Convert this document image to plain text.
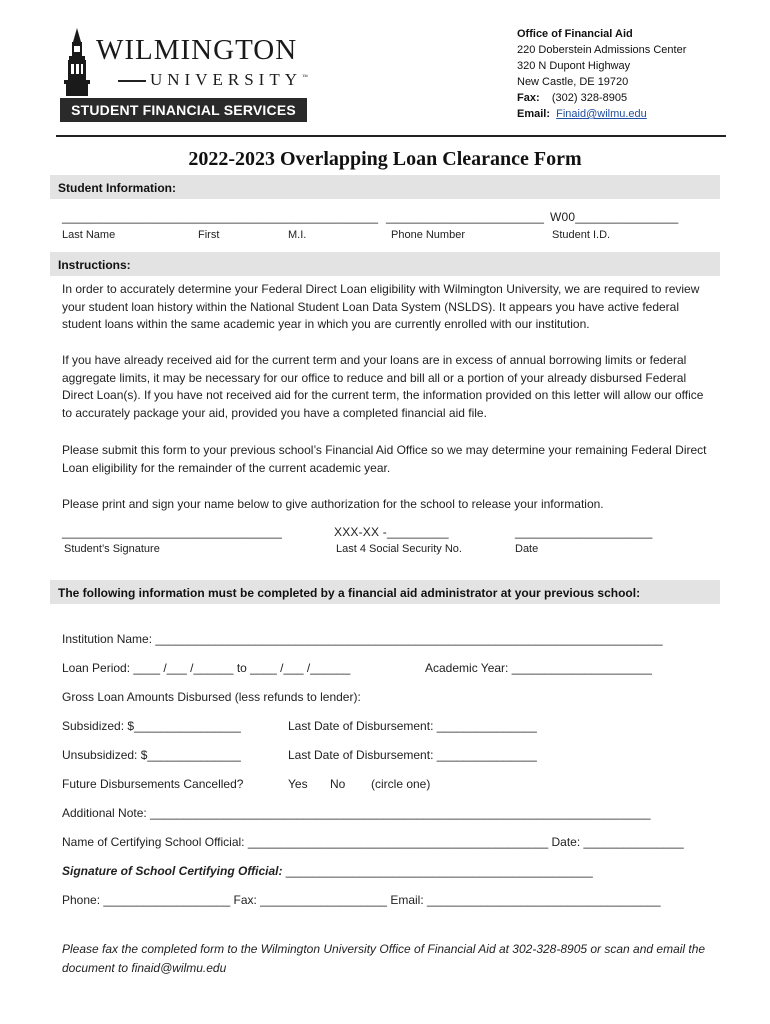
WILMINGTON
UNIVERSITY™
STUDENT FINANCIAL SERVICES
Office of Financial Aid
220 Doberstein Admissions Center
320 N Dupont Highway
New Castle, DE 19720
Fax: (302) 328-8905
Email: Finaid@wilmu.edu
2022-2023 Overlapping Loan Clearance Form
Student Information:
______________________________________________ _______________________ W00_______________
Last Name	First	M.I.	Phone Number	Student I.D.
Instructions:
In order to accurately determine your Federal Direct Loan eligibility with Wilmington University, we are required to review your student loan history within the National Student Loan Data System (NSLDS). It appears you have active federal student loans within the same academic year in which you are currently enrolled with our institution.
If you have already received aid for the current term and your loans are in excess of annual borrowing limits or federal aggregate limits, it may be necessary for our office to reduce and bill all or a portion of your already disbursed Federal Direct Loan(s). If you have not received aid for the current term, the information provided on this letter will allow our office to accurately package your aid, provided you have a completed financial aid file.
Please submit this form to your previous school’s Financial Aid Office so we may determine your remaining Federal Direct Loan eligibility for the remainder of the current academic year.
Please print and sign your name below to give authorization for the school to release your information.
________________________________	XXX-XX -_________	____________________
Student’s Signature	Last 4 Social Security No.	Date
The following information must be completed by a financial aid administrator at your previous school:
Institution Name: ____________________________________________________________________________
Loan Period: ____ /___ /______ to ____ /___ /______	Academic Year: _____________________
Gross Loan Amounts Disbursed (less refunds to lender):
Subsidized: $________________	Last Date of Disbursement: _______________
Unsubsidized: $______________	Last Date of Disbursement: _______________
Future Disbursements Cancelled?	Yes No (circle one)
Additional Note: ___________________________________________________________________________
Name of Certifying School Official: _____________________________________________ Date: _______________
Signature of School Certifying Official: ______________________________________________
Phone: ___________________ Fax: ___________________ Email: ___________________________________
Please fax the completed form to the Wilmington University Office of Financial Aid at 302-328-8905 or scan and email the document to finaid@wilmu.edu
